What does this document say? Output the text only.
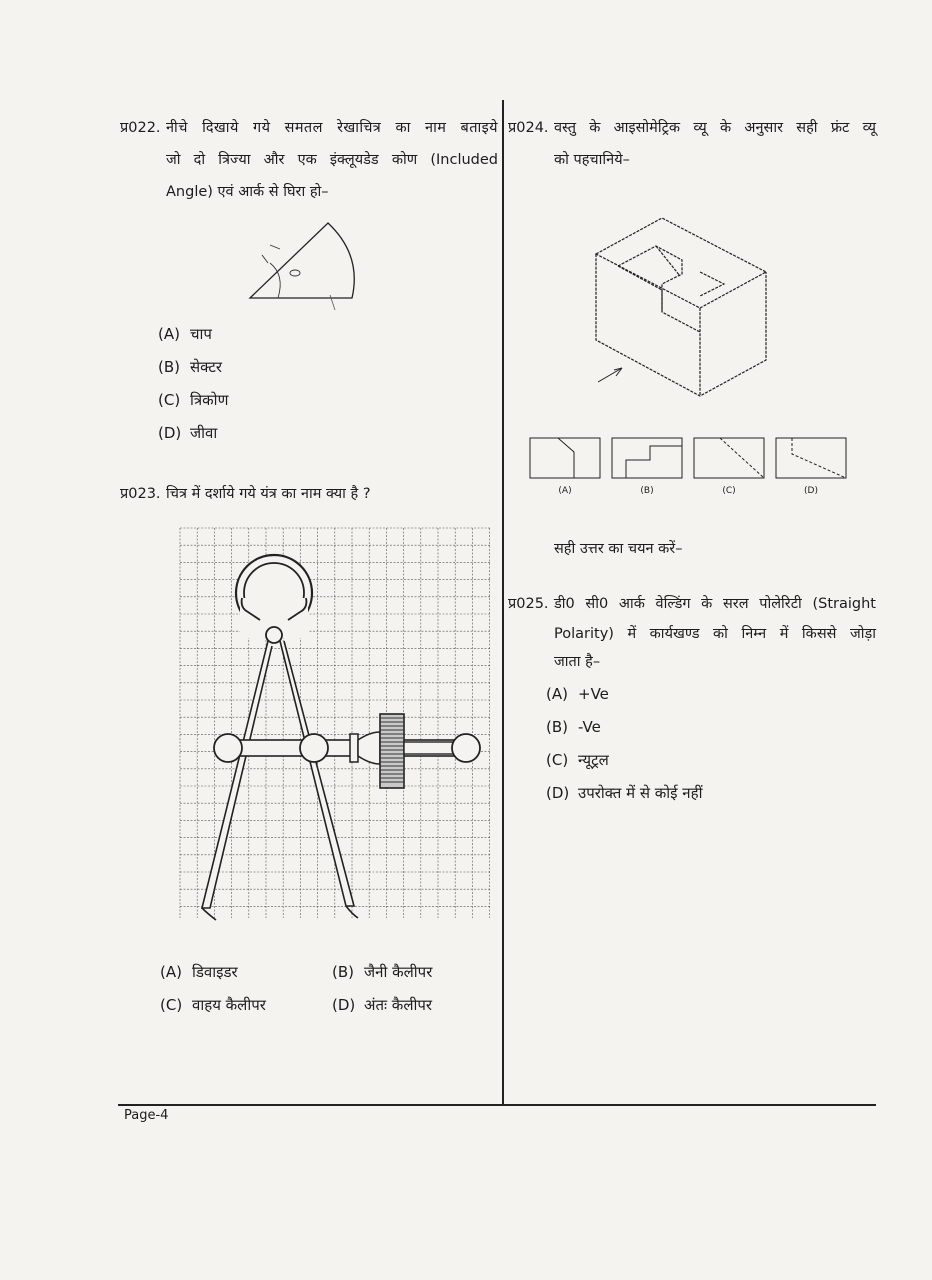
प्र022. नीचे दिखाये गये समतल रेखाचित्र का नाम बताइये
जो दो त्रिज्या और एक इंक्लूयडेड कोण (Included
Angle) एवं आर्क से घिरा हो–
(A) चाप
(B) सेक्टर
(C) त्रिकोण
(D) जीवा
प्र023. चित्र में दर्शाये गये यंत्र का नाम क्या है ?
(A) डिवाइडर
(C) वाहय कैलीपर
(B) जैनी कैलीपर
(D) अंतः कैलीपर
प्र024. वस्तु के आइसोमेट्रिक व्यू के अनुसार सही फ्रंट व्यू
को पहचानिये–
(A)	(B)	(C)	(D)
सही उत्तर का चयन करें–
प्र025. डी0 सी0 आर्क वेल्डिंग के सरल पोलेरिटी (Straight
Polarity) में कार्यखण्ड को निम्न में किससे जोड़ा
जाता है–
(A) +Ve
(B) -Ve
(C) न्यूट्रल
(D) उपरोक्त में से कोई नहीं
Page-4
